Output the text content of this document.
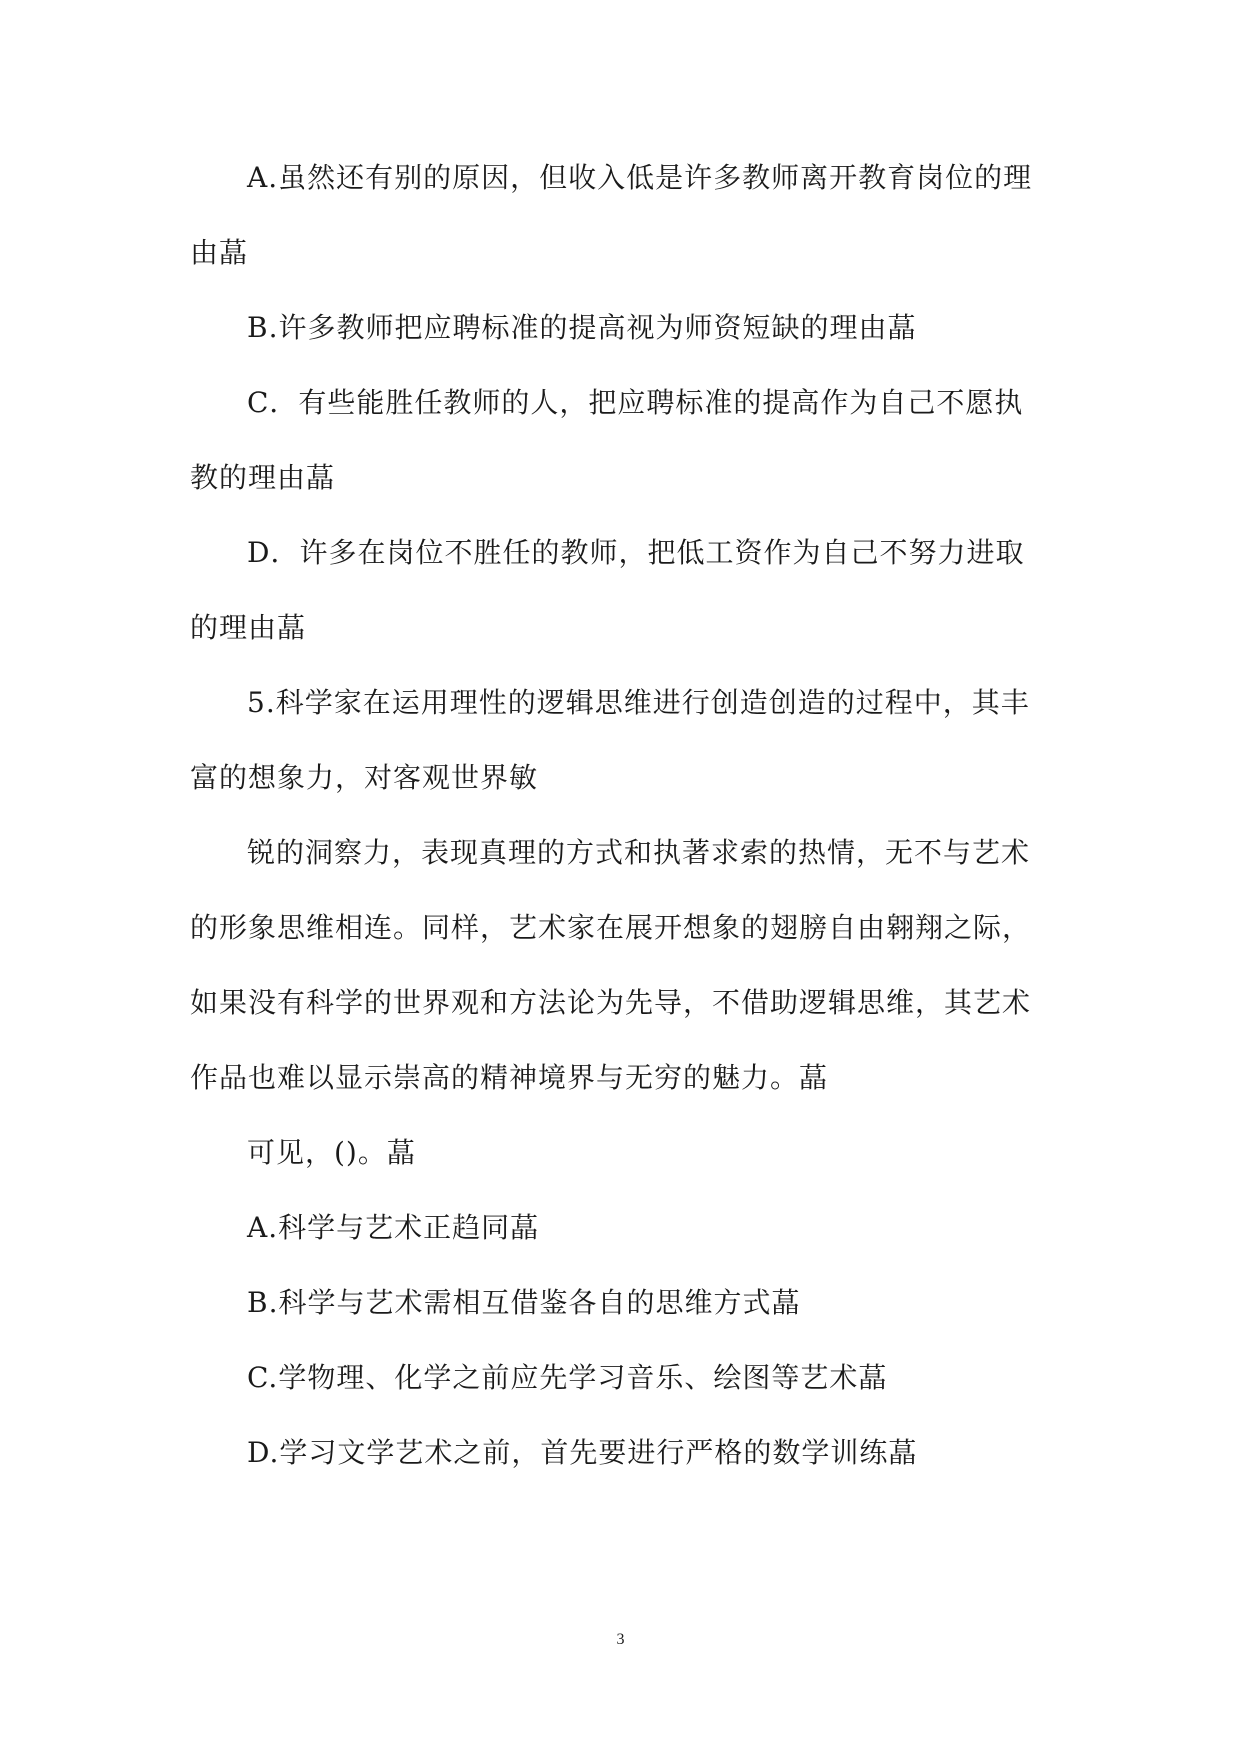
A.虽然还有别的原因，但收入低是许多教师离开教育岗位的理
由蕌
B.许多教师把应聘标准的提高视为师资短缺的理由蕌
C．有些能胜任教师的人，把应聘标准的提高作为自己不愿执
教的理由蕌
D．许多在岗位不胜任的教师，把低工资作为自己不努力进取
的理由蕌
5.科学家在运用理性的逻辑思维进行创造创造的过程中，其丰
富的想象力，对客观世界敏
锐的洞察力，表现真理的方式和执著求索的热情，无不与艺术
的形象思维相连。同样，艺术家在展开想象的翅膀自由翱翔之际，
如果没有科学的世界观和方法论为先导，不借助逻辑思维，其艺术
作品也难以显示崇高的精神境界与无穷的魅力。蕌
可见，()。蕌
A.科学与艺术正趋同蕌
B.科学与艺术需相互借鉴各自的思维方式蕌
C.学物理、化学之前应先学习音乐、绘图等艺术蕌
D.学习文学艺术之前，首先要进行严格的数学训练蕌
3
